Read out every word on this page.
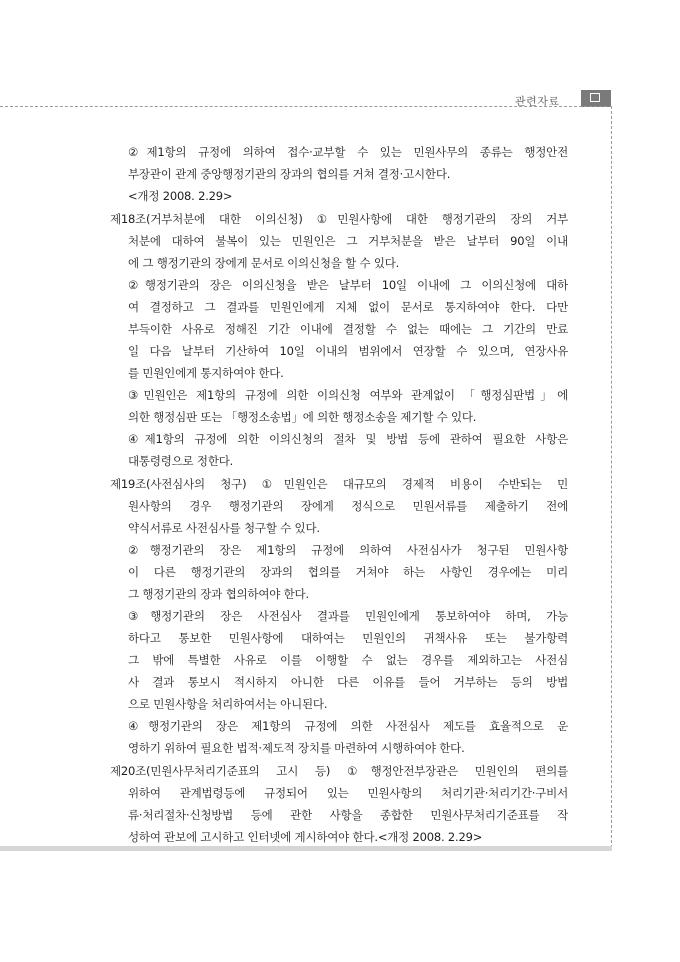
관련자료
②제1항의 규정에 의하여 접수·교부할 수 있는 민원사무의 종류는 행정안전
부장관이 관계 중앙행정기관의 장과의 협의를 거쳐 결정·고시한다.
<개정 2008. 2.29>
제18조(거부처분에 대한 이의신청) ①민원사항에 대한 행정기관의 장의 거부
처분에 대하여 불복이 있는 민원인은 그 거부처분을 받은 날부터 90일 이내
에 그 행정기관의 장에게 문서로 이의신청을 할 수 있다.
②행정기관의 장은 이의신청을 받은 날부터 10일 이내에 그 이의신청에 대하
여 결정하고 그 결과를 민원인에게 지체 없이 문서로 통지하여야 한다. 다만
부득이한 사유로 정해진 기간 이내에 결정할 수 없는 때에는 그 기간의 만료
일 다음 날부터 기산하여 10일 이내의 범위에서 연장할 수 있으며, 연장사유
를 민원인에게 통지하여야 한다.
③민원인은 제1항의 규정에 의한 이의신청 여부와 관계없이 「행정심판법」에
의한 행정심판 또는 「행정소송법」에 의한 행정소송을 제기할 수 있다.
④제1항의 규정에 의한 이의신청의 절차 및 방법 등에 관하여 필요한 사항은
대통령령으로 정한다.
제19조(사전심사의 청구) ①민원인은 대규모의 경제적 비용이 수반되는 민
원사항의 경우 행정기관의 장에게 정식으로 민원서류를 제출하기 전에
약식서류로 사전심사를 청구할 수 있다.
②행정기관의 장은 제1항의 규정에 의하여 사전심사가 청구된 민원사항
이 다른 행정기관의 장과의 협의를 거쳐야 하는 사항인 경우에는 미리
그 행정기관의 장과 협의하여야 한다.
③행정기관의 장은 사전심사 결과를 민원인에게 통보하여야 하며, 가능
하다고 통보한 민원사항에 대하여는 민원인의 귀책사유 또는 불가항력
그 밖에 특별한 사유로 이를 이행할 수 없는 경우를 제외하고는 사전심
사 결과 통보시 적시하지 아니한 다른 이유를 들어 거부하는 등의 방법
으로 민원사항을 처리하여서는 아니된다.
④행정기관의 장은 제1항의 규정에 의한 사전심사 제도를 효율적으로 운
영하기 위하여 필요한 법적·제도적 장치를 마련하여 시행하여야 한다.
제20조(민원사무처리기준표의 고시 등) ①행정안전부장관은 민원인의 편의를
위하여 관계법령등에 규정되어 있는 민원사항의 처리기관·처리기간·구비서
류·처리절차·신청방법 등에 관한 사항을 종합한 민원사무처리기준표를 작
성하여 관보에 고시하고 인터넷에 게시하여야 한다.<개정 2008. 2.29>
